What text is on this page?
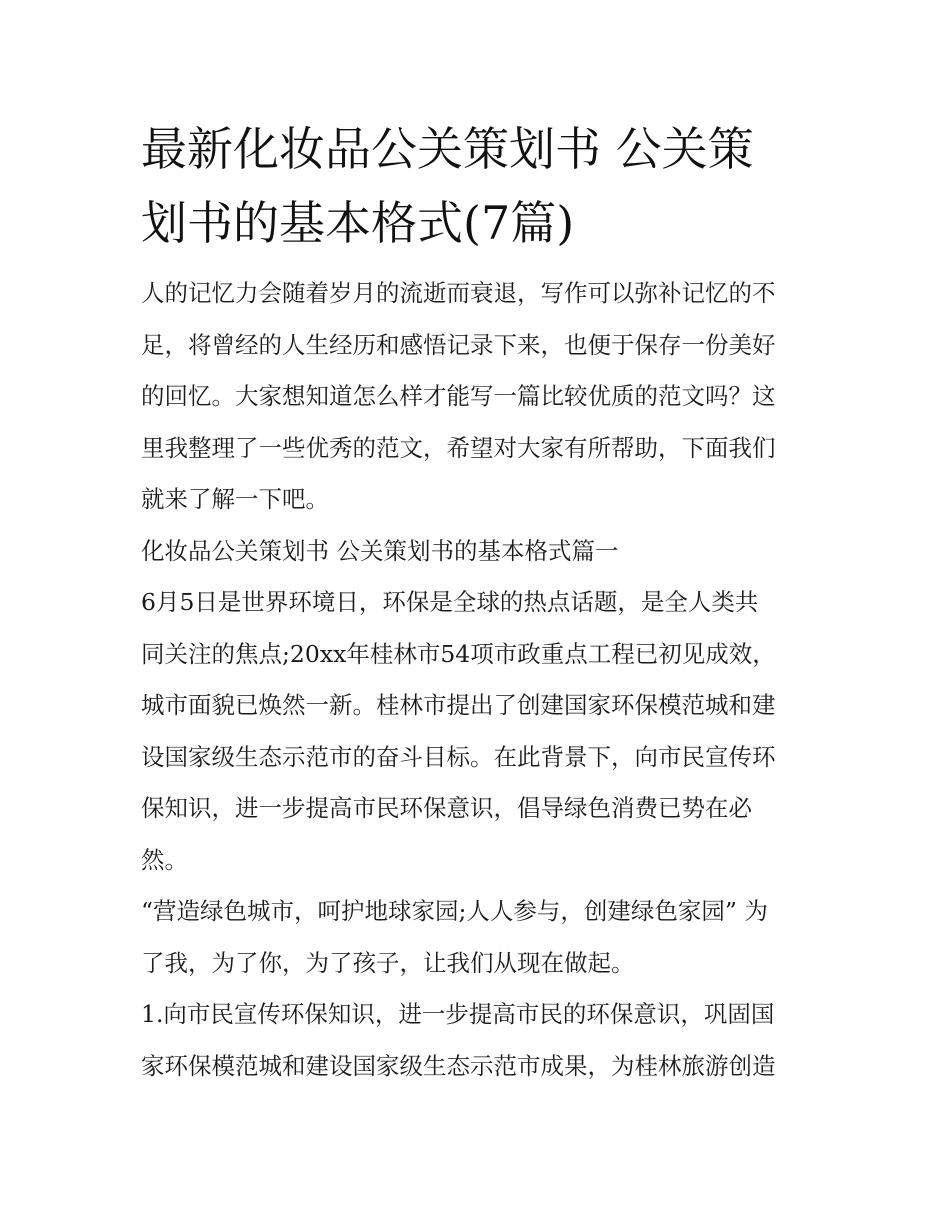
最新化妆品公关策划书 公关策
划书的基本格式(7篇)

人的记忆力会随着岁月的流逝而衰退，写作可以弥补记忆的不
足，将曾经的人生经历和感悟记录下来，也便于保存一份美好
的回忆。大家想知道怎么样才能写一篇比较优质的范文吗？这
里我整理了一些优秀的范文，希望对大家有所帮助，下面我们
就来了解一下吧。

化妆品公关策划书 公关策划书的基本格式篇一

6月5日是世界环境日，环保是全球的热点话题，是全人类共
同关注的焦点;20xx年桂林市54项市政重点工程已初见成效，
城市面貌已焕然一新。桂林市提出了创建国家环保模范城和建
设国家级生态示范市的奋斗目标。在此背景下，向市民宣传环
保知识，进一步提高市民环保意识，倡导绿色消费已势在必
然。

“营造绿色城市，呵护地球家园;人人参与，创建绿色家园” 为
了我，为了你，为了孩子，让我们从现在做起。

1.向市民宣传环保知识，进一步提高市民的环保意识，巩固国
家环保模范城和建设国家级生态示范市成果，为桂林旅游创造
